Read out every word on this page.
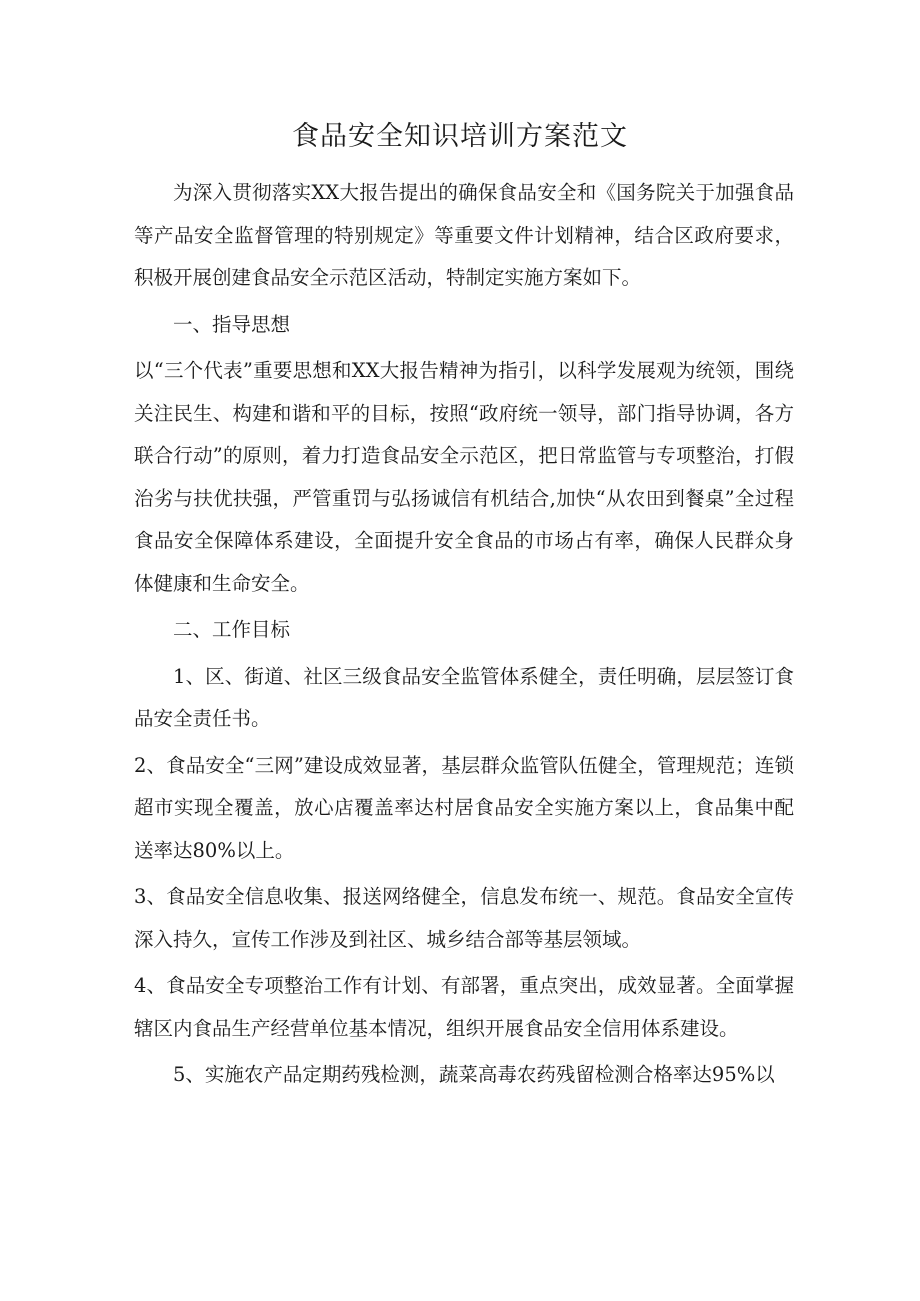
食品安全知识培训方案范文

为深入贯彻落实XX大报告提出的确保食品安全和《国务院关于加强食品等产品安全监督管理的特别规定》等重要文件计划精神，结合区政府要求，积极开展创建食品安全示范区活动，特制定实施方案如下。

一、指导思想

以“三个代表”重要思想和XX大报告精神为指引，以科学发展观为统领，围绕关注民生、构建和谐和平的目标，按照“政府统一领导，部门指导协调，各方联合行动”的原则，着力打造食品安全示范区，把日常监管与专项整治，打假治劣与扶优扶强，严管重罚与弘扬诚信有机结合,加快“从农田到餐桌”全过程食品安全保障体系建设，全面提升安全食品的市场占有率，确保人民群众身体健康和生命安全。

二、工作目标

1、区、街道、社区三级食品安全监管体系健全，责任明确，层层签订食品安全责任书。

2、食品安全“三网”建设成效显著，基层群众监管队伍健全，管理规范；连锁超市实现全覆盖，放心店覆盖率达村居食品安全实施方案以上，食品集中配送率达80%以上。

3、食品安全信息收集、报送网络健全，信息发布统一、规范。食品安全宣传深入持久，宣传工作涉及到社区、城乡结合部等基层领域。

4、食品安全专项整治工作有计划、有部署，重点突出，成效显著。全面掌握辖区内食品生产经营单位基本情况，组织开展食品安全信用体系建设。

5、实施农产品定期药残检测，蔬菜高毒农药残留检测合格率达95%以
